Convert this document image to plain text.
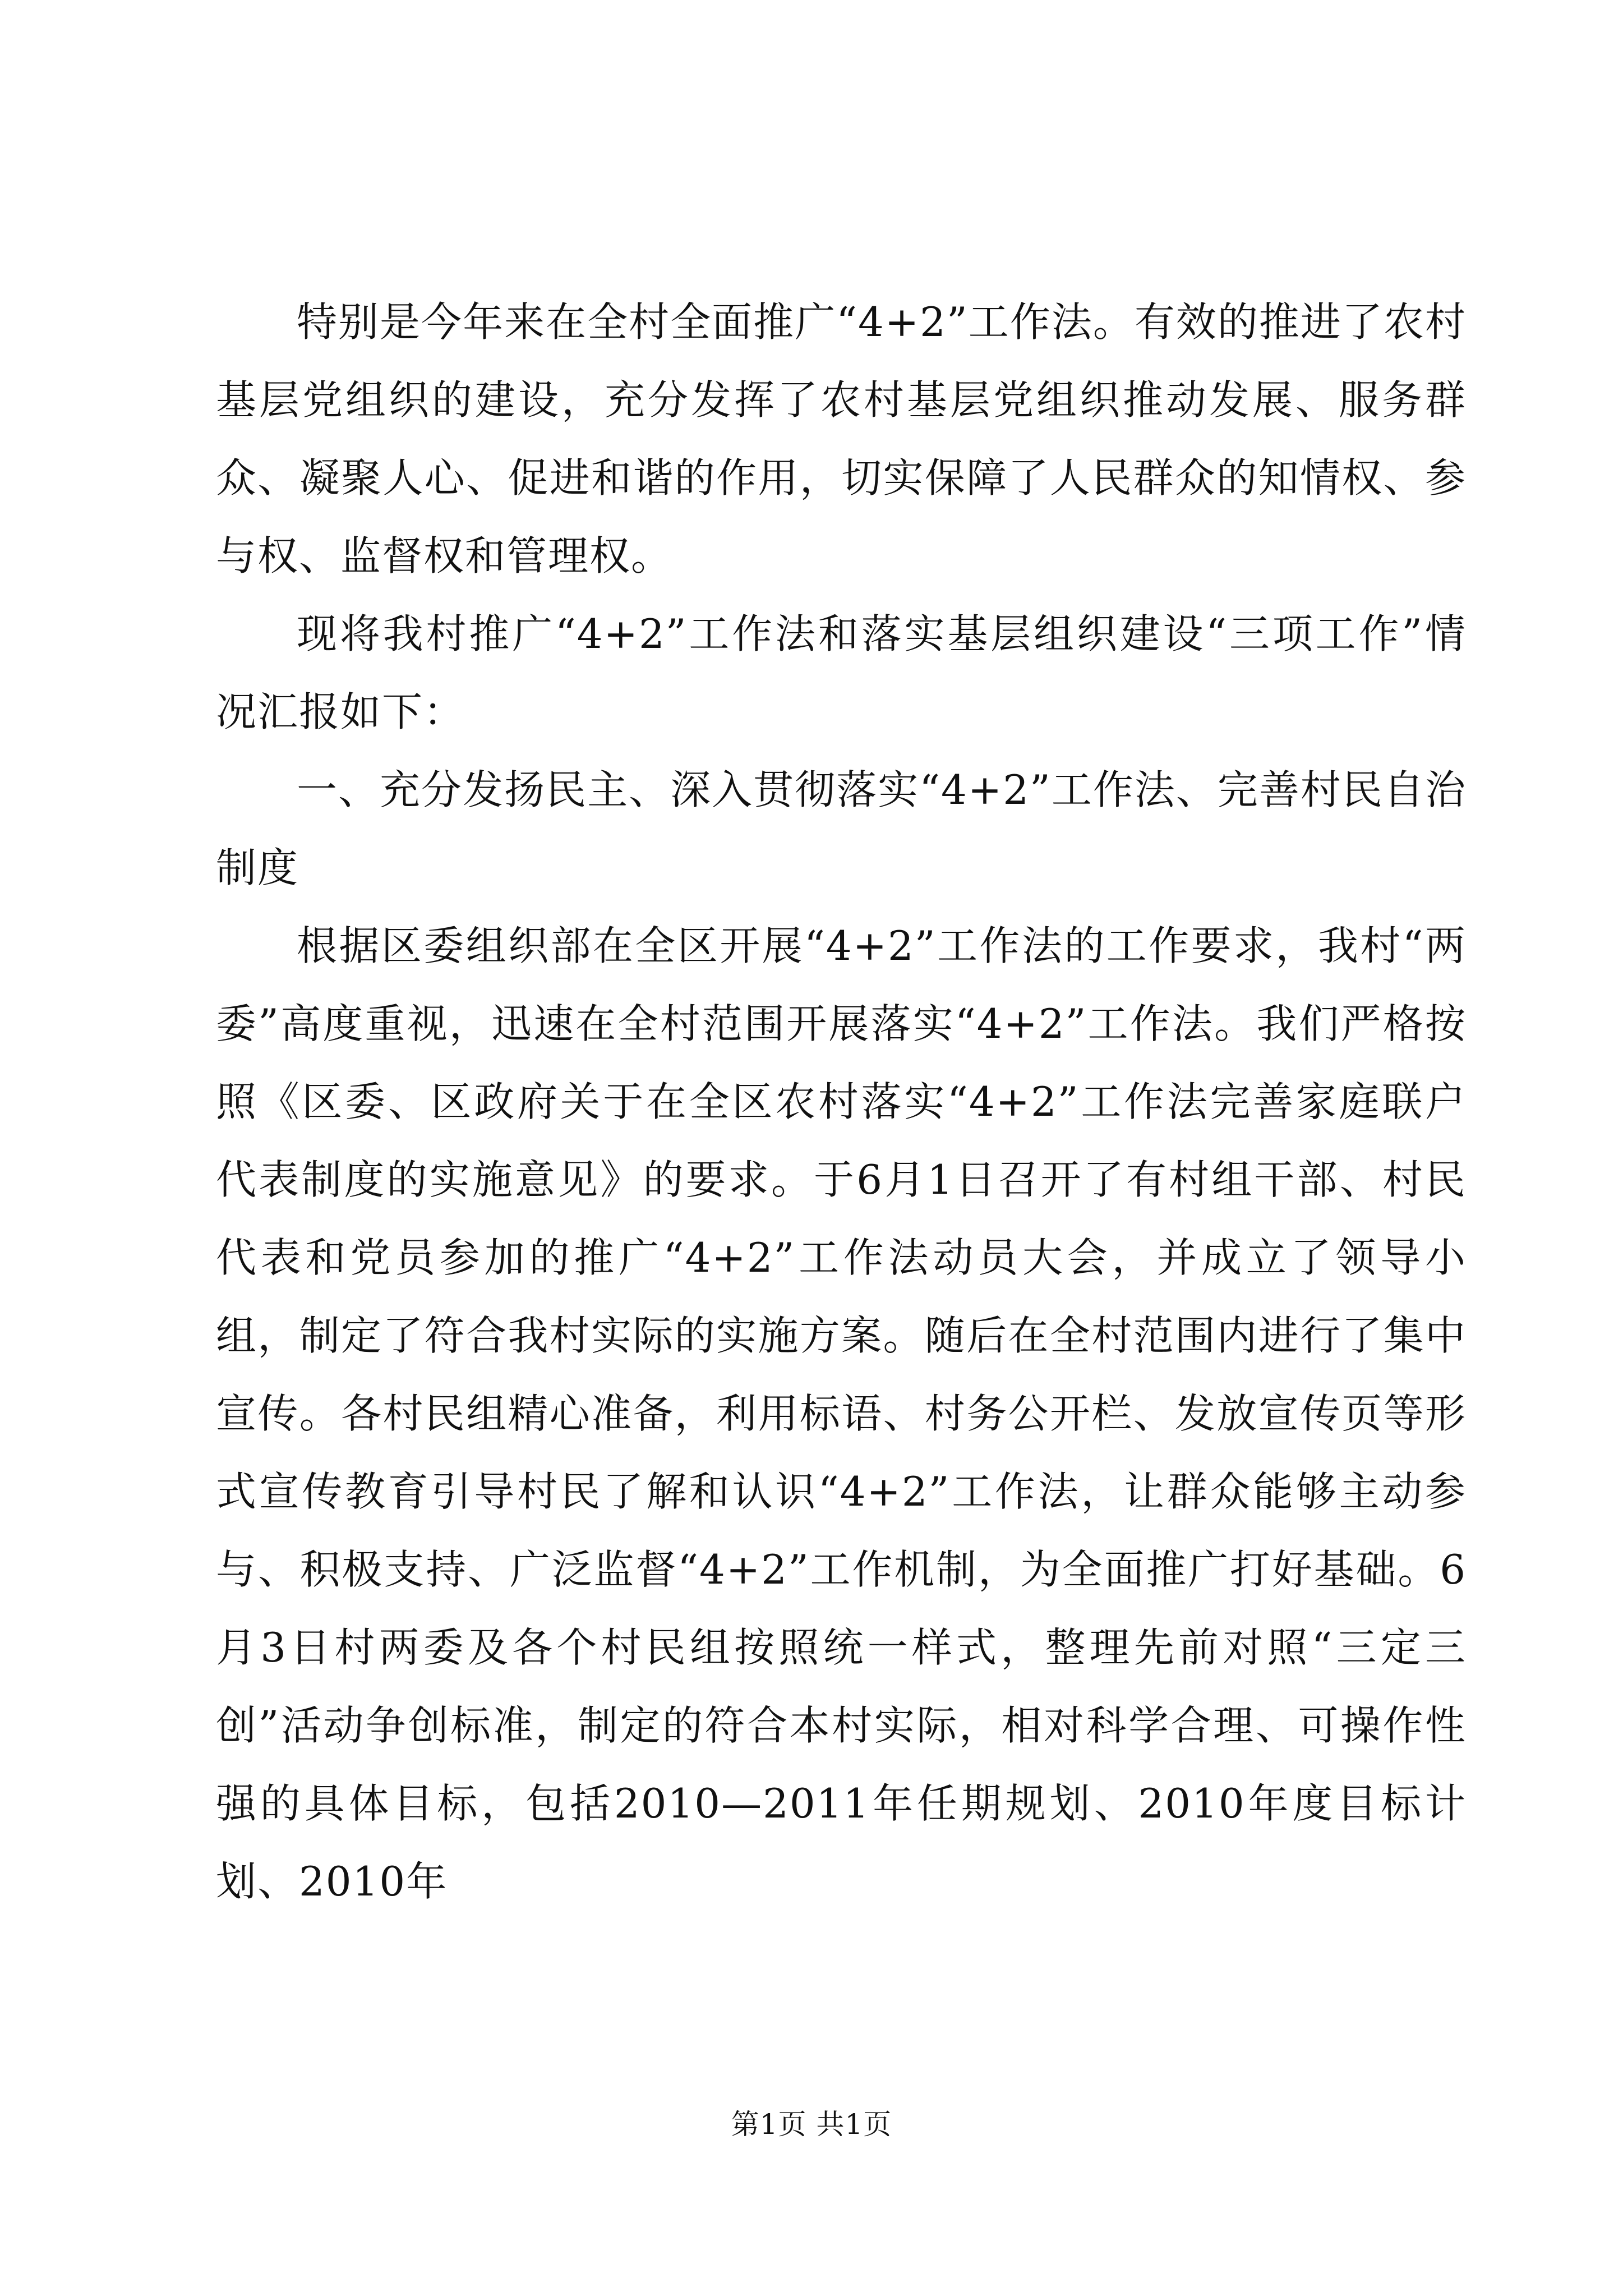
特别是今年来在全村全面推广“4+2”工作法。有效的推进了农村基层党组织的建设，充分发挥了农村基层党组织推动发展、服务群众、凝聚人心、促进和谐的作用，切实保障了人民群众的知情权、参与权、监督权和管理权。

现将我村推广“4+2”工作法和落实基层组织建设“三项工作”情况汇报如下：

一、充分发扬民主、深入贯彻落实“4+2”工作法、完善村民自治制度

根据区委组织部在全区开展“4+2”工作法的工作要求，我村“两委”高度重视，迅速在全村范围开展落实“4+2”工作法。我们严格按照《区委、区政府关于在全区农村落实“4+2”工作法完善家庭联户代表制度的实施意见》的要求。于6月1日召开了有村组干部、村民代表和党员参加的推广“4+2”工作法动员大会，并成立了领导小组，制定了符合我村实际的实施方案。随后在全村范围内进行了集中宣传。各村民组精心准备，利用标语、村务公开栏、发放宣传页等形式宣传教育引导村民了解和认识“4+2”工作法，让群众能够主动参与、积极支持、广泛监督“4+2”工作机制，为全面推广打好基础。6月3日村两委及各个村民组按照统一样式，整理先前对照“三定三创”活动争创标准，制定的符合本村实际，相对科学合理、可操作性强的具体目标，包括2010—2011年任期规划、2010年度目标计划、2010年

第1页 共1页
